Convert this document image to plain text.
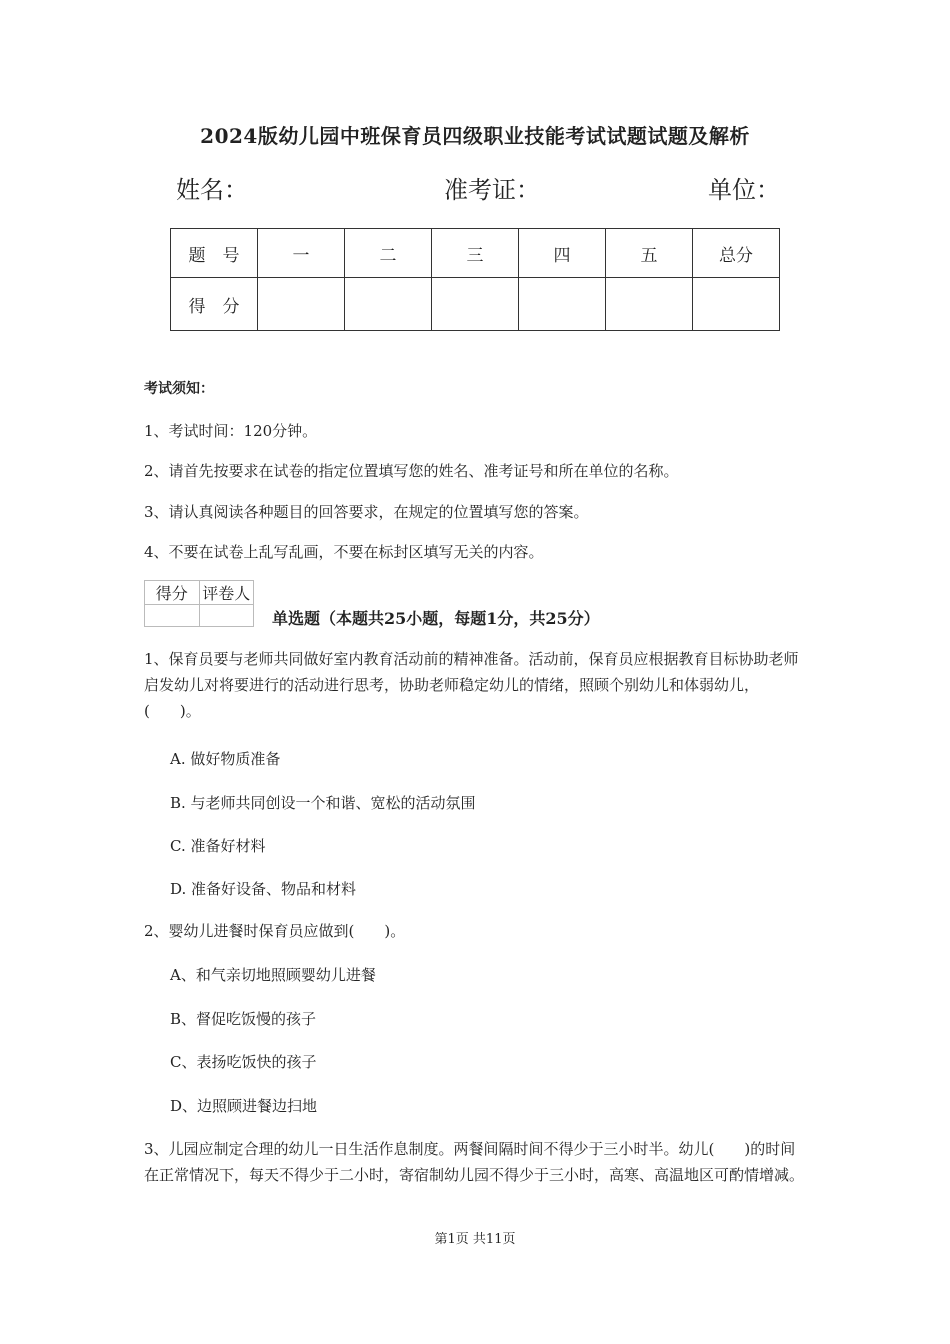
2024版幼儿园中班保育员四级职业技能考试试题试题及解析
姓名：	准考证：	单位：
题　号	一	二	三	四	五	总分
得　分						
考试须知：
1、考试时间：120分钟。
2、请首先按要求在试卷的指定位置填写您的姓名、准考证号和所在单位的名称。
3、请认真阅读各种题目的回答要求，在规定的位置填写您的答案。
4、不要在试卷上乱写乱画，不要在标封区填写无关的内容。
得分	评卷人

单选题（本题共25小题，每题1分，共25分）
1、保育员要与老师共同做好室内教育活动前的精神准备。活动前，保育员应根据教育目标协助老师启发幼儿对将要进行的活动进行思考，协助老师稳定幼儿的情绪，照顾个别幼儿和体弱幼儿，(　　)。
A. 做好物质准备
B. 与老师共同创设一个和谐、宽松的活动氛围
C. 准备好材料
D. 准备好设备、物品和材料
2、婴幼儿进餐时保育员应做到(　　)。
A、和气亲切地照顾婴幼儿进餐
B、督促吃饭慢的孩子
C、表扬吃饭快的孩子
D、边照顾进餐边扫地
3、儿园应制定合理的幼儿一日生活作息制度。两餐间隔时间不得少于三小时半。幼儿(　　)的时间在正常情况下，每天不得少于二小时，寄宿制幼儿园不得少于三小时，高寒、高温地区可酌情增减。
第1页 共11页
